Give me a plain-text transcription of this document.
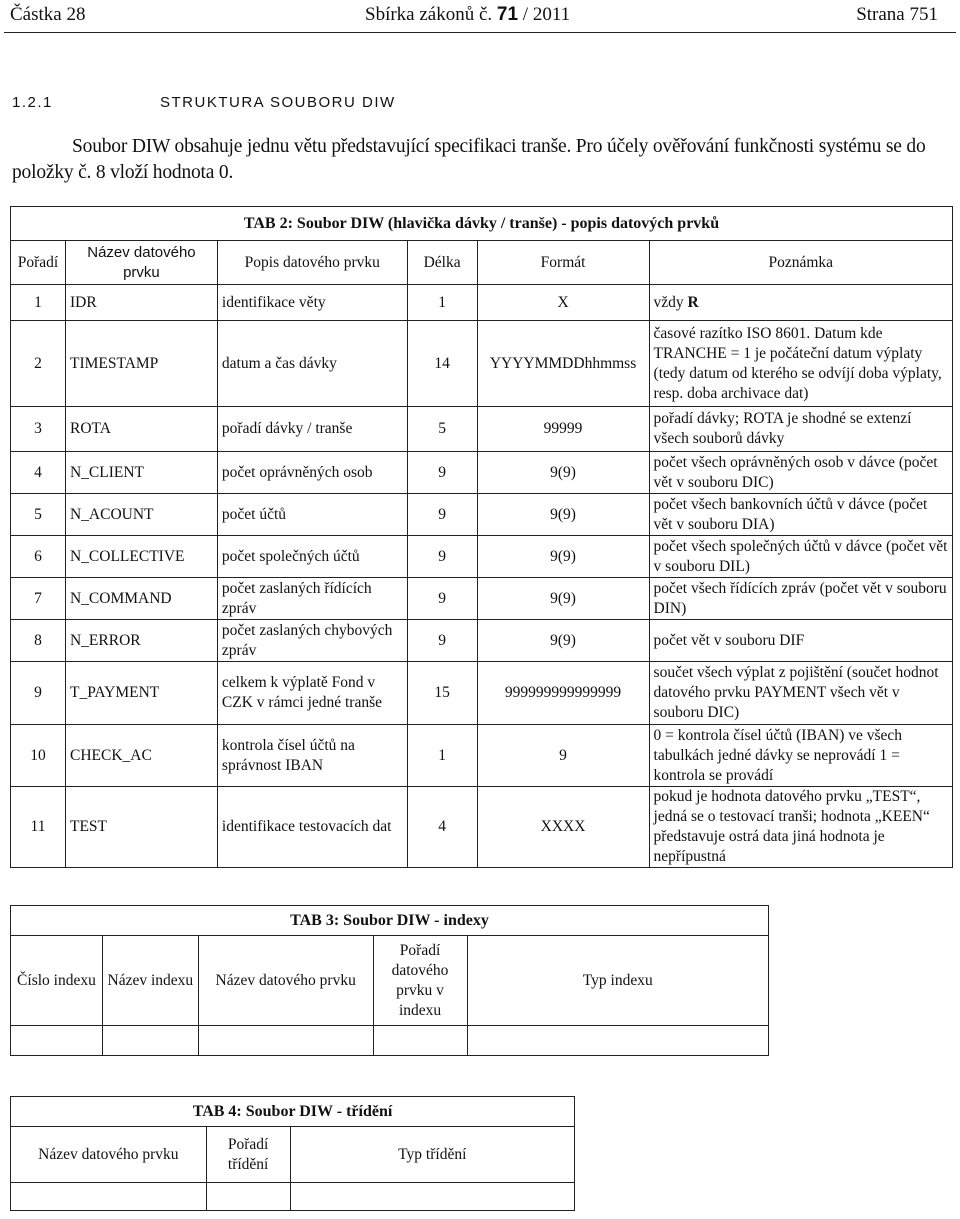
Částka 28	Sbírka zákonů č. 71 / 2011	Strana 751
1.2.1	STRUKTURA SOUBORU DIW
Soubor DIW obsahuje jednu větu představující specifikaci tranše. Pro účely ověřování funkčnosti systému se do položky č. 8 vloží hodnota 0.
TAB 2: Soubor DIW (hlavička dávky / tranše) - popis datových prvků					
Pořadí	Název datového prvku	Popis datového prvku	Délka	Formát	Poznámka
1	IDR	identifikace věty	1	X	vždy R
2	TIMESTAMP	datum a čas dávky	14	YYYYMMDDhhmmss	časové razítko ISO 8601. Datum kde TRANCHE = 1 je počáteční datum výplaty (tedy datum od kterého se odvíjí doba výplaty, resp. doba archivace dat)
3	ROTA	pořadí dávky / tranše	5	99999	pořadí dávky; ROTA je shodné se extenzí všech souborů dávky
4	N_CLIENT	počet oprávněných osob	9	9(9)	počet všech oprávněných osob v dávce (počet vět v souboru DIC)
5	N_ACOUNT	počet účtů	9	9(9)	počet všech bankovních účtů v dávce (počet vět v souboru DIA)
6	N_COLLECTIVE	počet společných účtů	9	9(9)	počet všech společných účtů v dávce (počet vět v souboru DIL)
7	N_COMMAND	počet zaslaných řídících zpráv	9	9(9)	počet všech řídících zpráv (počet vět v souboru DIN)
8	N_ERROR	počet zaslaných chybových zpráv	9	9(9)	počet vět v souboru DIF
9	T_PAYMENT	celkem k výplatě Fond v CZK v rámci jedné tranše	15	999999999999999	součet všech výplat z pojištění (součet hodnot datového prvku PAYMENT všech vět v souboru DIC)
10	CHECK_AC	kontrola čísel účtů na správnost IBAN	1	9	0 = kontrola čísel účtů (IBAN) ve všech tabulkách jedné dávky se neprovádí 1 = kontrola se provádí
11	TEST	identifikace testovacích dat	4	XXXX	pokud je hodnota datového prvku „TEST“, jedná se o testovací tranši; hodnota „KEEN“ představuje ostrá data jiná hodnota je nepřípustná
TAB 3: Soubor DIW - indexy				
Číslo indexu	Název indexu	Název datového prvku	Pořadí datového prvku v indexu	Typ indexu

TAB 4: Soubor DIW - třídění		
Název datového prvku	Pořadí třídění	Typ třídění
